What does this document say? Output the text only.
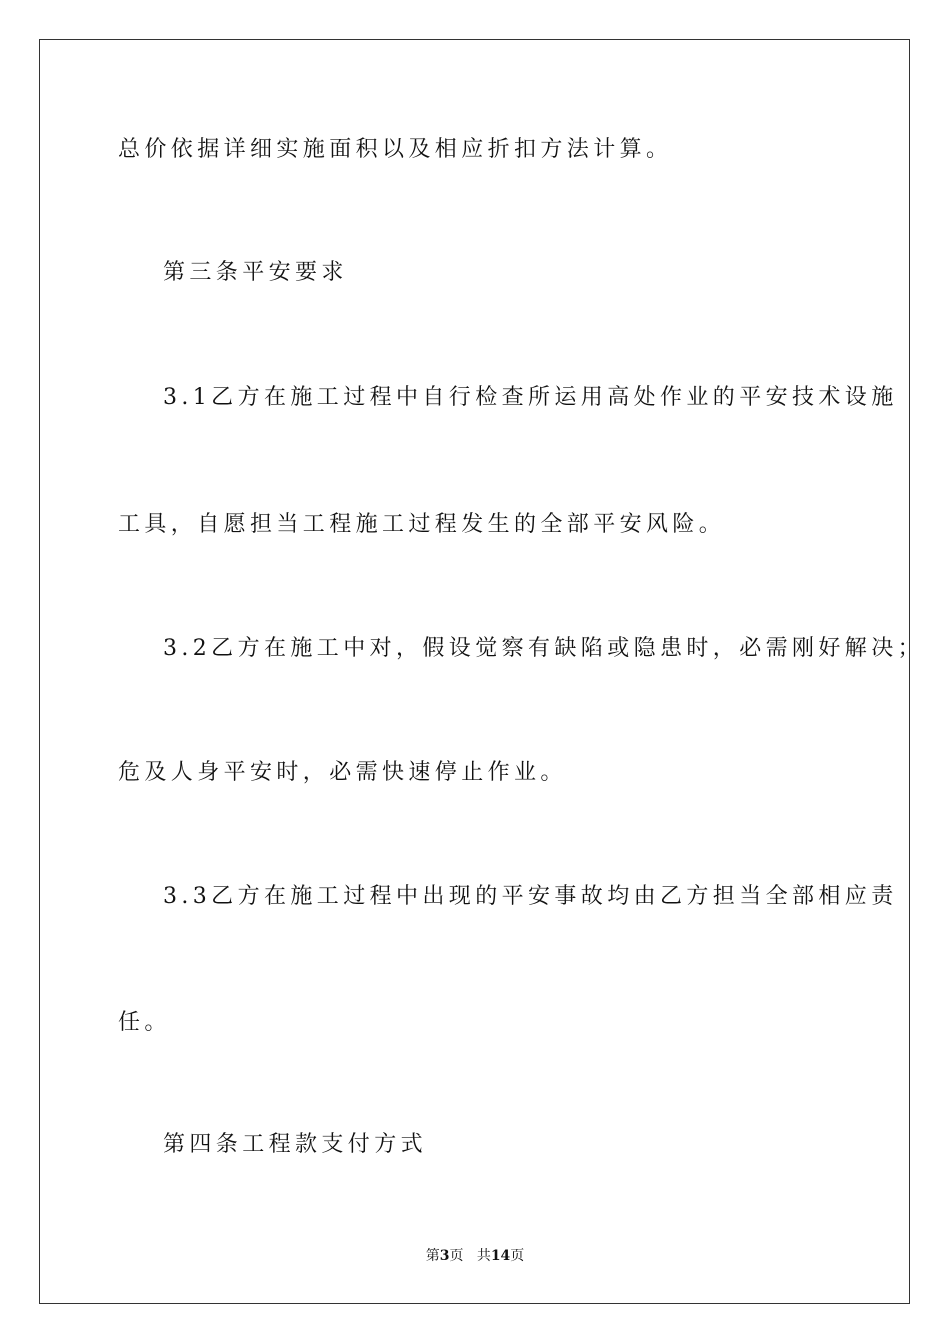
总价依据详细实施面积以及相应折扣方法计算。
第三条平安要求
3.1乙方在施工过程中自行检查所运用高处作业的平安技术设施
工具，自愿担当工程施工过程发生的全部平安风险。
3.2乙方在施工中对，假设觉察有缺陷或隐患时，必需刚好解决；
危及人身平安时，必需快速停止作业。
3.3乙方在施工过程中出现的平安事故均由乙方担当全部相应责
任。
第四条工程款支付方式
第3页 共14页
